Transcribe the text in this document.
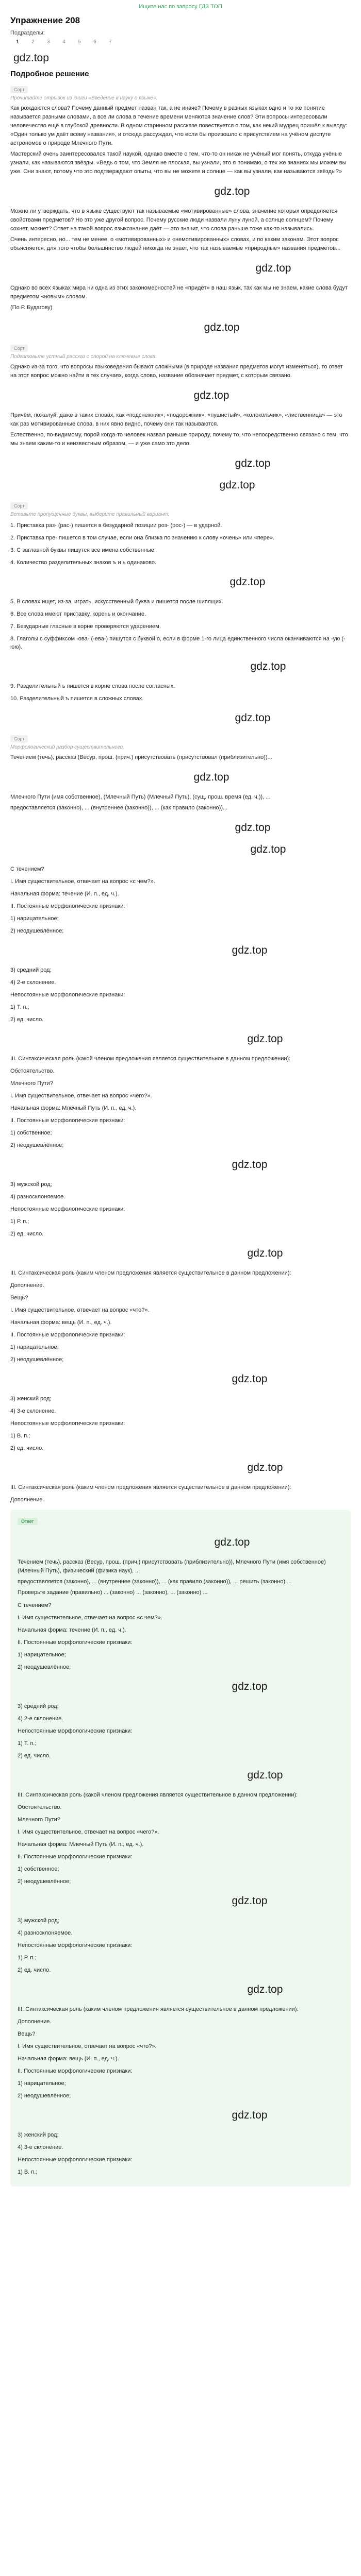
Ищите нас по запросу ГДЗ ТОП
Упражнение 208
Подразделы:
1 2 3 4 5 6 7
gdz.top
Подробное решение
Сорт
Прочитайте отрывок из книги «Введение в науку о языке».

Как рождаются слова? Почему данный предмет назван так, а не иначе? Почему в разных языках одно и то же понятие называется разными словами, а все ли слова в течение времени меняются значение слов? Эти вопросы интересовали человечество ещё в глубокой древности. В одном старинном рассказе повествуется о том, как некий мудрец пришёл к выводу: «Один только ум даёт всему названия», и отсюда рассуждал, что если бы произошло с присутствием на учёном диспуте астрономов о природе Млечного Пути.

Мастерский очень заинтересовался такой наукой, однако вместе с тем, что-то он никак не учёный мог понять, откуда учёные узнали, как называются звёзды. «Ведь о том, что Земля не плоская, вы узнали, это я понимаю, о тех же знаниях мы можем вы уже. Они знают, потому что это подтверждают опыты, что вы не можете и солнце — как вы узнали, как называются звёзды?»

gdz.top

Можно ли утверждать, что в языке существуют так называемые «мотивированные» слова, значение которых определяется свойствами предметов? Но это уже другой вопрос. Почему русские люди назвали луну луной, а солнце солнцем? Почему сохнет, мокнет? Ответ на такой вопрос языкознание даёт — это значит, что слова раньше тоже как-то назывались.

Очень интересно, но... тем не менее, о «мотивированных» и «немотивированных» словах, и по каким законам. Этот вопрос объясняется, для того чтобы большинство людей никогда не знает, что так называемые «природные» названия предметов...

gdz.top

Однако во всех языках мира ни одна из этих закономерностей не «придёт» в наш язык, так как мы не знаем, какие слова будут предметом «новым» словом.

(По Р. Будагову)

gdz.top
Сорт
Подготовьте устный рассказ с опорой на ключевые слова.

Однако из-за того, что вопросы языковедения бывают сложными (в природе названия предметов могут изменяться), то ответ на этот вопрос можно найти в тех случаях, когда слово, название обозначает предмет, с которым связано.

gdz.top

Причём, пожалуй, даже в таких словах, как «подснежник», «подорожник», «пушистый», «колокольчик», «лиственница» — это как раз мотивированные слова, в них явно видно, почему они так называются.

Естественно, по-видимому, порой когда-то человек назвал раньше природу, почему то, что непосредственно связано с тем, что мы знаем каким-то и неизвестным образом, — и уже само это дело.

gdz.top
gdz.top
Сорт
Вставьте пропущенные буквы, выберите правильный вариант:

1. Приставка раз- (рас-) пишется в безударной позиции роз- (рос-) — в ударной.

2. Приставка пре- пишется в том случае, если она близка по значению к слову «очень» или «пере».

3. С заглавной буквы пишутся все имена собственные.

4. Количество разделительных знаков ъ и ь одинаково.

gdz.top

5. В словах ищет, из-за, играть, искусственный буква и пишется после шипящих.

6. Все слова имеют приставку, корень и окончание.

7. Безударные гласные в корне проверяются ударением.

8. Глаголы с суффиксом -ова- (-ева-) пишутся с буквой о, если в форме 1-го лица единственного числа оканчиваются на -ую (-юю).

gdz.top

9. Разделительный ь пишется в корне слова после согласных.

10. Разделительный ъ пишется в сложных словах.

gdz.top
Сорт
Морфологический разбор существительного.

Течением (течь), рассказ (Весур, прош. (прич.) присутствовать (присутствовал (приблизительно))...

gdz.top

Млечного Пути (имя собственное), (Млечный Путь) (Млечный Путь), (сущ. прош. время (ед. ч.)), ...

предоставляется (законно), ... (внутреннее (законно)), ... (как правило (законно))...

gdz.top
gdz.top

С течением?

I. Имя существительное, отвечает на вопрос «с чем?».

Начальная форма: течение (И. п., ед. ч.).

II. Постоянные морфологические признаки:

1) нарицательное;

2) неодушевлённое;

gdz.top

3) средний род;

4) 2-е склонение.

Непостоянные морфологические признаки:

1) Т. п.;

2) ед. число.

gdz.top

III. Синтаксическая роль (какой членом предложения является существительное в данном предложении):

Обстоятельство.

Млечного Пути?

I. Имя существительное, отвечает на вопрос «чего?».

Начальная форма: Млечный Путь (И. п., ед. ч.).

II. Постоянные морфологические признаки:

1) собственное;

2) неодушевлённое;

gdz.top

3) мужской род;

4) разносклоняемое.

Непостоянные морфологические признаки:

1) Р. п.;

2) ед. число.

gdz.top

III. Синтаксическая роль (каким членом предложения является существительное в данном предложении):

Дополнение.

Вещь?

I. Имя существительное, отвечает на вопрос «что?».

Начальная форма: вещь (И. п., ед. ч.).

II. Постоянные морфологические признаки:

1) нарицательное;

2) неодушевлённое;

gdz.top

3) женский род;

4) 3-е склонение.

Непостоянные морфологические признаки:

1) В. п.;

2) ед. число.

gdz.top

III. Синтаксическая роль (каким членом предложения является существительное в данном предложении):

Дополнение.

Ответ
gdz.top

Течением (течь), рассказ (Весур, прош. (прич.) присутствовать (приблизительно)), Млечного Пути (имя собственное) (Млечный Путь), физический (физика наук), ...

предоставляется (законно), ... (внутреннее (законно)), ... (как правило (законно)), ... решить (законно) ...

Проверьте задание (правильно) ... (законно) ... (законно), ... (законно) ...

С течением?

I. Имя существительное, отвечает на вопрос «с чем?».

Начальная форма: течение (И. п., ед. ч.).

II. Постоянные морфологические признаки:

1) нарицательное;

2) неодушевлённое;

gdz.top

3) средний род;

4) 2-е склонение.

Непостоянные морфологические признаки:

1) Т. п.;

2) ед. число.

gdz.top

III. Синтаксическая роль (какой членом предложения является существительное в данном предложении):

Обстоятельство.

Млечного Пути?

I. Имя существительное, отвечает на вопрос «чего?».

Начальная форма: Млечный Путь (И. п., ед. ч.).

II. Постоянные морфологические признаки:

1) собственное;

2) неодушевлённое;

gdz.top

3) мужской род;

4) разносклоняемое.

Непостоянные морфологические признаки:

1) Р. п.;

2) ед. число.

gdz.top

III. Синтаксическая роль (каким членом предложения является существительное в данном предложении):

Дополнение.

Вещь?

I. Имя существительное, отвечает на вопрос «что?».

Начальная форма: вещь (И. п., ед. ч.).

II. Постоянные морфологические признаки:

1) нарицательное;

2) неодушевлённое;

gdz.top

3) женский род;

4) 3-е склонение.

Непостоянные морфологические признаки:

1) В. п.;
